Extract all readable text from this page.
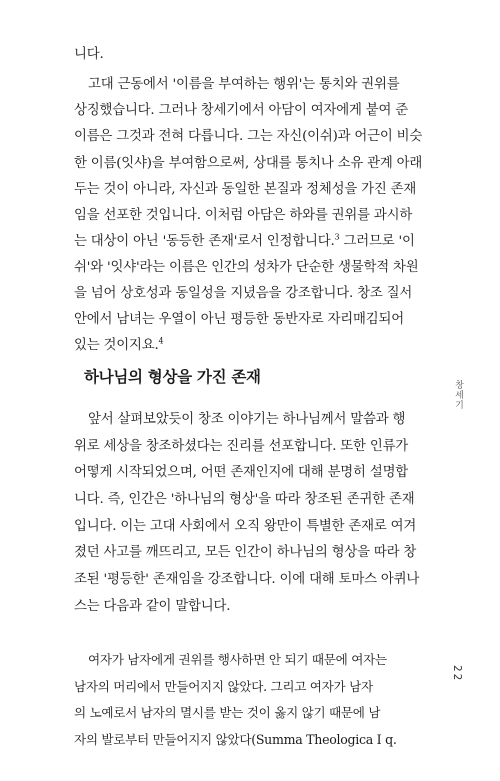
니다.
고대 근동에서 '이름을 부여하는 행위'는 통치와 권위를
상징했습니다. 그러나 창세기에서 아담이 여자에게 붙여 준
이름은 그것과 전혀 다릅니다. 그는 자신(이쉬)과 어근이 비슷
한 이름(잇샤)을 부여함으로써, 상대를 통치나 소유 관계 아래
두는 것이 아니라, 자신과 동일한 본질과 정체성을 가진 존재
임을 선포한 것입니다. 이처럼 아담은 하와를 권위를 과시하
는 대상이 아닌 '동등한 존재'로서 인정합니다.$^3$ 그러므로 '이
쉬'와 '잇샤'라는 이름은 인간의 성차가 단순한 생물학적 차원
을 넘어 상호성과 동일성을 지녔음을 강조합니다. 창조 질서
안에서 남녀는 우열이 아닌 평등한 동반자로 자리매김되어
하나님의 형상을 가진 존재
앞서 살펴보았듯이 창조 이야기는 하나님께서 말씀과 행
위로 세상을 창조하셨다는 진리를 선포합니다. 또한 인류가
어떻게 시작되었으며, 어떤 존재인지에 대해 분명히 설명합
니다. 즉, 인간은 '하나님의 형상'을 따라 창조된 존귀한 존재
입니다. 이는 고대 사회에서 오직 왕만이 특별한 존재로 여겨
졌던 사고를 깨뜨리고, 모든 인간이 하나님의 형상을 따라 창
여자가 남자에게 권위를 행사하면 안 되기 때문에 여자는
남자의 머리에서 만들어지지 않았다. 그리고 여자가 남자
의 노예로서 남자의 멸시를 받는 것이 옳지 않기 때문에 남
자의 발로부터 만들어지지 않았다(Summa Theologica I q.
창세기
22
있는 것이지요.$^4$
조된 '평등한' 존재임을 강조합니다. 이에 대해 토마스 아퀴나
스는 다음과 같이 말합니다.
